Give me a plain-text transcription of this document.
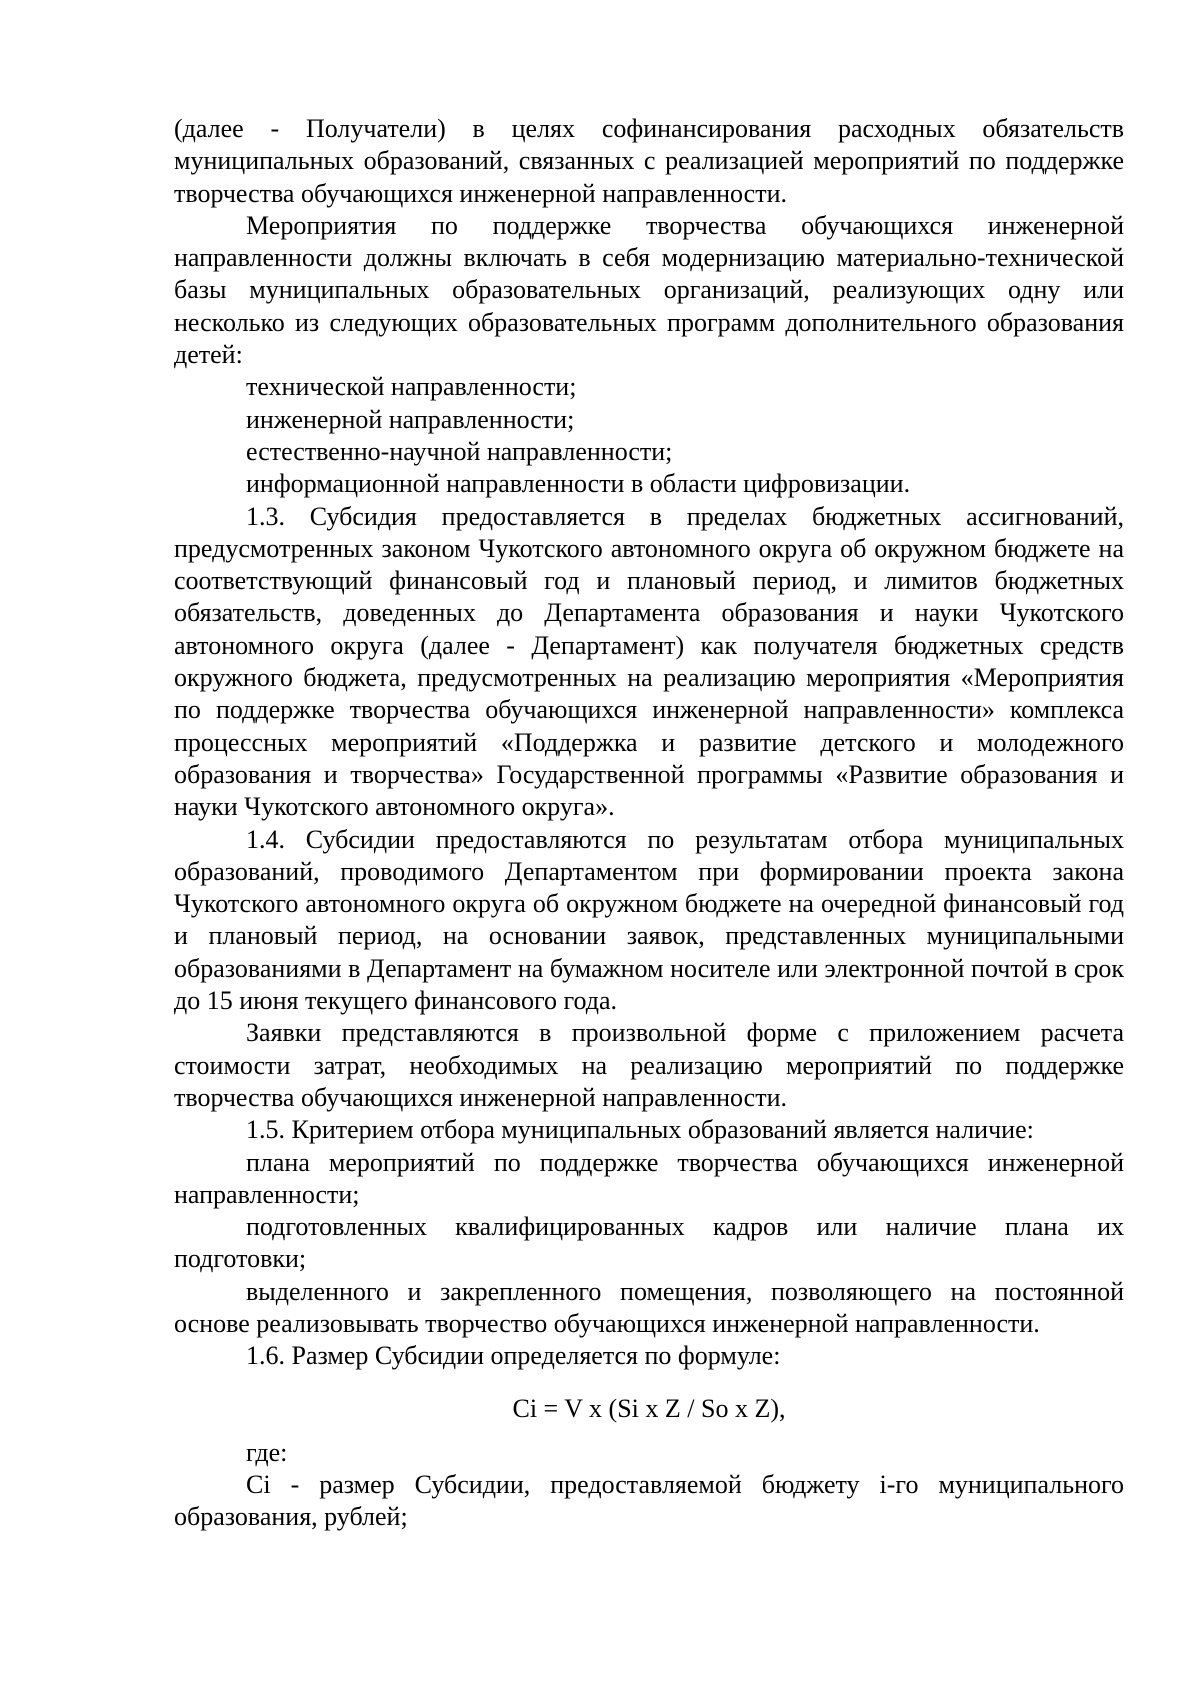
(далее - Получатели) в целях софинансирования расходных обязательств муниципальных образований, связанных с реализацией мероприятий по поддержке творчества обучающихся инженерной направленности.

Мероприятия по поддержке творчества обучающихся инженерной направленности должны включать в себя модернизацию материально-технической базы муниципальных образовательных организаций, реализующих одну или несколько из следующих образовательных программ дополнительного образования детей:

технической направленности;

инженерной направленности;

естественно-научной направленности;

информационной направленности в области цифровизации.

1.3. Субсидия предоставляется в пределах бюджетных ассигнований, предусмотренных законом Чукотского автономного округа об окружном бюджете на соответствующий финансовый год и плановый период, и лимитов бюджетных обязательств, доведенных до Департамента образования и науки Чукотского автономного округа (далее - Департамент) как получателя бюджетных средств окружного бюджета, предусмотренных на реализацию мероприятия «Мероприятия по поддержке творчества обучающихся инженерной направленности» комплекса процессных мероприятий «Поддержка и развитие детского и молодежного образования и творчества» Государственной программы «Развитие образования и науки Чукотского автономного округа».

1.4. Субсидии предоставляются по результатам отбора муниципальных образований, проводимого Департаментом при формировании проекта закона Чукотского автономного округа об окружном бюджете на очередной финансовый год и плановый период, на основании заявок, представленных муниципальными образованиями в Департамент на бумажном носителе или электронной почтой в срок до 15 июня текущего финансового года.

Заявки представляются в произвольной форме с приложением расчета стоимости затрат, необходимых на реализацию мероприятий по поддержке творчества обучающихся инженерной направленности.

1.5. Критерием отбора муниципальных образований является наличие:

плана мероприятий по поддержке творчества обучающихся инженерной направленности;

подготовленных квалифицированных кадров или наличие плана их подготовки;

выделенного и закрепленного помещения, позволяющего на постоянной основе реализовывать творчество обучающихся инженерной направленности.

1.6. Размер Субсидии определяется по формуле:

Ci = V x (Si x Z / So x Z),

где:

Ci - размер Субсидии, предоставляемой бюджету i-го муниципального образования, рублей;
